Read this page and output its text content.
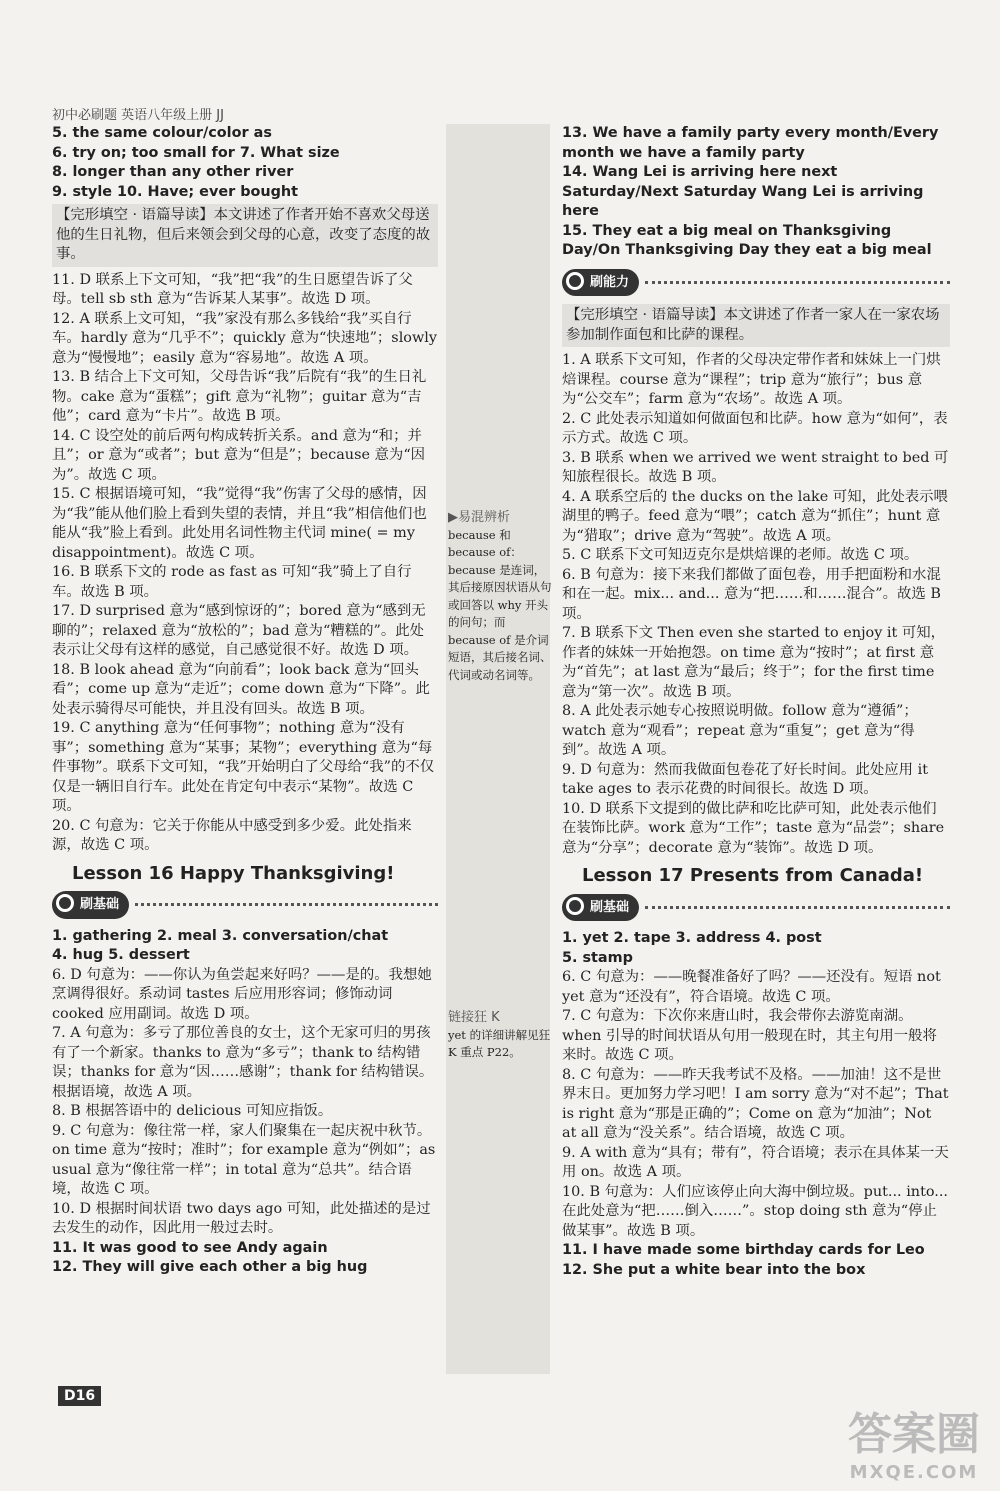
初中必刷题 英语八年级上册 JJ

5. the same colour/color as

6. try on; too small for 7. What size

8. longer than any other river

9. style 10. Have; ever bought

【完形填空 · 语篇导读】本文讲述了作者开始不喜欢父母送他的生日礼物，但后来领会到父母的心意，改变了态度的故事。

11. D 联系上下文可知，“我”把“我”的生日愿望告诉了父母。tell sb sth 意为“告诉某人某事”。故选 D 项。

12. A 联系上文可知，“我”家没有那么多钱给“我”买自行车。hardly 意为“几乎不”；quickly 意为“快速地”；slowly 意为“慢慢地”；easily 意为“容易地”。故选 A 项。

13. B 结合上下文可知，父母告诉“我”后院有“我”的生日礼物。cake 意为“蛋糕”；gift 意为“礼物”；guitar 意为“吉他”；card 意为“卡片”。故选 B 项。

14. C 设空处的前后两句构成转折关系。and 意为“和；并且”；or 意为“或者”；but 意为“但是”；because 意为“因为”。故选 C 项。

15. C 根据语境可知，“我”觉得“我”伤害了父母的感情，因为“我”能从他们脸上看到失望的表情，并且“我”相信他们也能从“我”脸上看到。此处用名词性物主代词 mine( = my disappointment)。故选 C 项。

16. B 联系下文的 rode as fast as 可知“我”骑上了自行车。故选 B 项。

17. D surprised 意为“感到惊讶的”；bored 意为“感到无聊的”；relaxed 意为“放松的”；bad 意为“糟糕的”。此处表示让父母有这样的感觉，自己感觉很不好。故选 D 项。

18. B look ahead 意为“向前看”；look back 意为“回头看”；come up 意为“走近”；come down 意为“下降”。此处表示骑得尽可能快，并且没有回头。故选 B 项。

19. C anything 意为“任何事物”；nothing 意为“没有事”；something 意为“某事；某物”；everything 意为“每件事物”。联系下文可知，“我”开始明白了父母给“我”的不仅仅是一辆旧自行车。此处在肯定句中表示“某物”。故选 C 项。

20. C 句意为：它关于你能从中感受到多少爱。此处指来源，故选 C 项。

Lesson 16 Happy Thanksgiving!

刷基础

1. gathering 2. meal 3. conversation/chat

4. hug 5. dessert

6. D 句意为：——你认为鱼尝起来好吗？——是的。我想她烹调得很好。系动词 tastes 后应用形容词；修饰动词 cooked 应用副词。故选 D 项。

7. A 句意为：多亏了那位善良的女士，这个无家可归的男孩有了一个新家。thanks to 意为“多亏”；thank to 结构错误；thanks for 意为“因……感谢”；thank for 结构错误。根据语境，故选 A 项。

8. B 根据答语中的 delicious 可知应指饭。

9. C 句意为：像往常一样，家人们聚集在一起庆祝中秋节。on time 意为“按时；准时”；for example 意为“例如”；as usual 意为“像往常一样”；in total 意为“总共”。结合语境，故选 C 项。

10. D 根据时间状语 two days ago 可知，此处描述的是过去发生的动作，因此用一般过去时。

11. It was good to see Andy again

12. They will give each other a big hug

▶易混辨析
because 和 because of：because 是连词，其后接原因状语从句或回答以 why 开头的问句；而 because of 是介词短语，其后接名词、代词或动名词等。
链接狂 K
yet 的详细讲解见狂 K 重点 P22。

13. We have a family party every month/Every month we have a family party

14. Wang Lei is arriving here next Saturday/Next Saturday Wang Lei is arriving here

15. They eat a big meal on Thanksgiving Day/On Thanksgiving Day they eat a big meal

刷能力

【完形填空 · 语篇导读】本文讲述了作者一家人在一家农场参加制作面包和比萨的课程。

1. A 联系下文可知，作者的父母决定带作者和妹妹上一门烘焙课程。course 意为“课程”；trip 意为“旅行”；bus 意为“公交车”；farm 意为“农场”。故选 A 项。

2. C 此处表示知道如何做面包和比萨。how 意为“如何”，表示方式。故选 C 项。

3. B 联系 when we arrived we went straight to bed 可知旅程很长。故选 B 项。

4. A 联系空后的 the ducks on the lake 可知，此处表示喂湖里的鸭子。feed 意为“喂”；catch 意为“抓住”；hunt 意为“猎取”；drive 意为“驾驶”。故选 A 项。

5. C 联系下文可知迈克尔是烘焙课的老师。故选 C 项。

6. B 句意为：接下来我们都做了面包卷，用手把面粉和水混和在一起。mix... and... 意为“把……和……混合”。故选 B 项。

7. B 联系下文 Then even she started to enjoy it 可知，作者的妹妹一开始抱怨。on time 意为“按时”；at first 意为“首先”；at last 意为“最后；终于”；for the first time 意为“第一次”。故选 B 项。

8. A 此处表示她专心按照说明做。follow 意为“遵循”；watch 意为“观看”；repeat 意为“重复”；get 意为“得到”。故选 A 项。

9. D 句意为：然而我做面包卷花了好长时间。此处应用 it take ages to 表示花费的时间很长。故选 D 项。

10. D 联系下文提到的做比萨和吃比萨可知，此处表示他们在装饰比萨。work 意为“工作”；taste 意为“品尝”；share 意为“分享”；decorate 意为“装饰”。故选 D 项。

Lesson 17 Presents from Canada!

刷基础

1. yet 2. tape 3. address 4. post

5. stamp

6. C 句意为：——晚餐准备好了吗？——还没有。短语 not yet 意为“还没有”，符合语境。故选 C 项。

7. C 句意为：下次你来唐山时，我会带你去游览南湖。when 引导的时间状语从句用一般现在时，其主句用一般将来时。故选 C 项。

8. C 句意为：——昨天我考试不及格。——加油！这不是世界末日。更加努力学习吧！I am sorry 意为“对不起”；That is right 意为“那是正确的”；Come on 意为“加油”；Not at all 意为“没关系”。结合语境，故选 C 项。

9. A with 意为“具有；带有”，符合语境；表示在具体某一天用 on。故选 A 项。

10. B 句意为：人们应该停止向大海中倒垃圾。put... into... 在此处意为“把……倒入……”。stop doing sth 意为“停止做某事”。故选 B 项。

11. I have made some birthday cards for Leo

12. She put a white bear into the box

D16
答案圈
MXQE.COM
